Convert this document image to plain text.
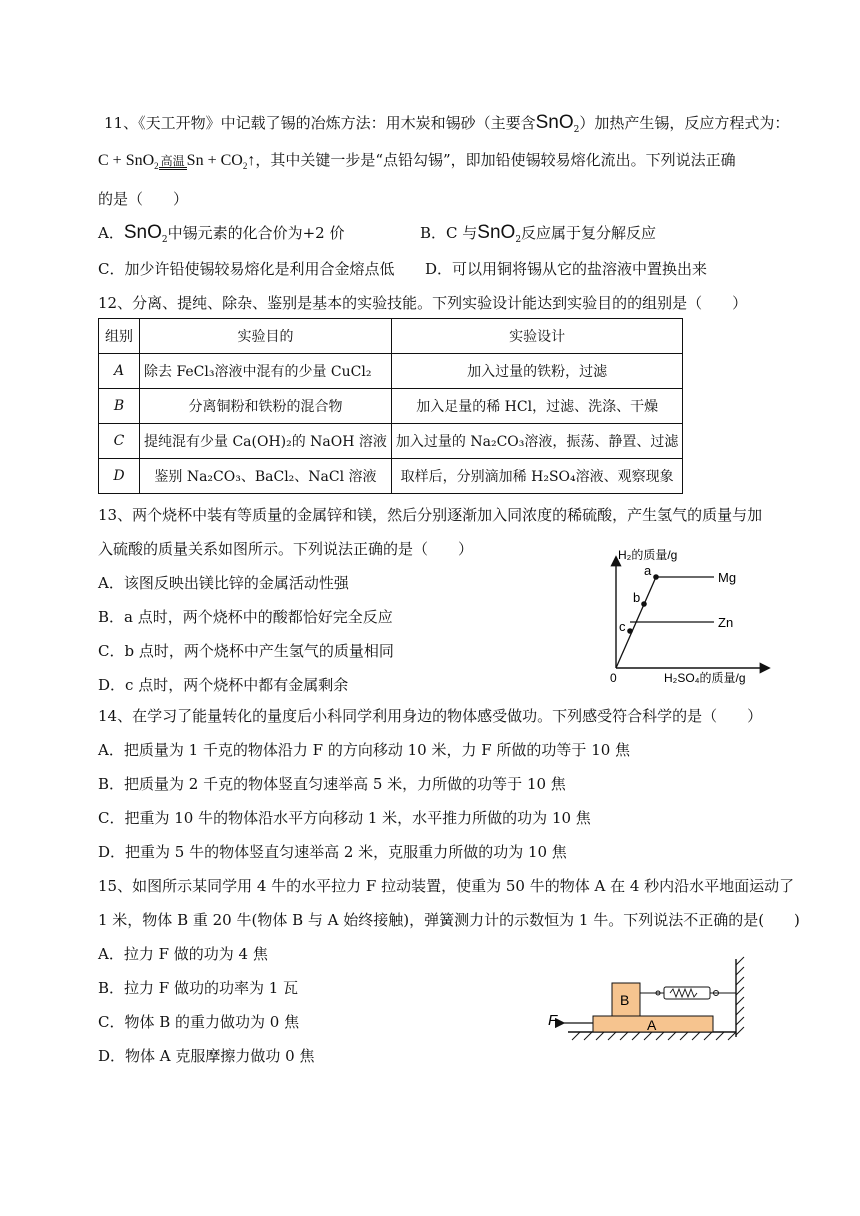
11、《天工开物》中记载了锡的冶炼方法：用木炭和锡砂（主要含SnO$_2$）加热产生锡，反应方程式为：
C + SnO$_2$ 高温 $Sn + CO_2↑$，其中关键一步是“点铅勾锡”，即加铅使锡较易熔化流出。下列说法正确
的是（　　）
A．SnO$_2$中锡元素的化合价为+2 价	B．C 与SnO$_2$反应属于复分解反应
C．加少许铅使锡较易熔化是利用合金熔点低 D．可以用铜将锡从它的盐溶液中置换出来
12、分离、提纯、除杂、鉴别是基本的实验技能。下列实验设计能达到实验目的的组别是（　　）
组别	实验目的	实验设计
A	除去 FeCl₃溶液中混有的少量 CuCl₂	加入过量的铁粉，过滤
B	分离铜粉和铁粉的混合物	加入足量的稀 HCl，过滤、洗涤、干燥
C	提纯混有少量 Ca(OH)₂的 NaOH 溶液	加入过量的 Na₂CO₃溶液，振荡、静置、过滤
D	鉴别 Na₂CO₃、BaCl₂、NaCl 溶液	取样后，分别滴加稀 H₂SO₄溶液、观察现象
13、两个烧杯中装有等质量的金属锌和镁，然后分别逐渐加入同浓度的稀硫酸，产生氢气的质量与加
入硫酸的质量关系如图所示。下列说法正确的是（　　）
A．该图反映出镁比锌的金属活动性强
B．a 点时，两个烧杯中的酸都恰好完全反应
C．b 点时，两个烧杯中产生氢气的质量相同
D．c 点时，两个烧杯中都有金属剩余
H₂的质量/g
H₂SO₄的质量/g
0
a
b
c
Mg
Zn
14、在学习了能量转化的量度后小科同学利用身边的物体感受做功。下列感受符合科学的是（　　）
A．把质量为 1 千克的物体沿力 F 的方向移动 10 米，力 F 所做的功等于 10 焦
B．把质量为 2 千克的物体竖直匀速举高 5 米，力所做的功等于 10 焦
C．把重为 10 牛的物体沿水平方向移动 1 米，水平推力所做的功为 10 焦
D．把重为 5 牛的物体竖直匀速举高 2 米，克服重力所做的功为 10 焦
15、如图所示某同学用 4 牛的水平拉力 F 拉动装置，使重为 50 牛的物体 A 在 4 秒内沿水平地面运动了
1 米，物体 B 重 20 牛(物体 B 与 A 始终接触)，弹簧测力计的示数恒为 1 牛。下列说法不正确的是(　　)
A．拉力 F 做的功为 4 焦
B．拉力 F 做功的功率为 1 瓦
C．物体 B 的重力做功为 0 焦
D．物体 A 克服摩擦力做功 0 焦
A
B
F
